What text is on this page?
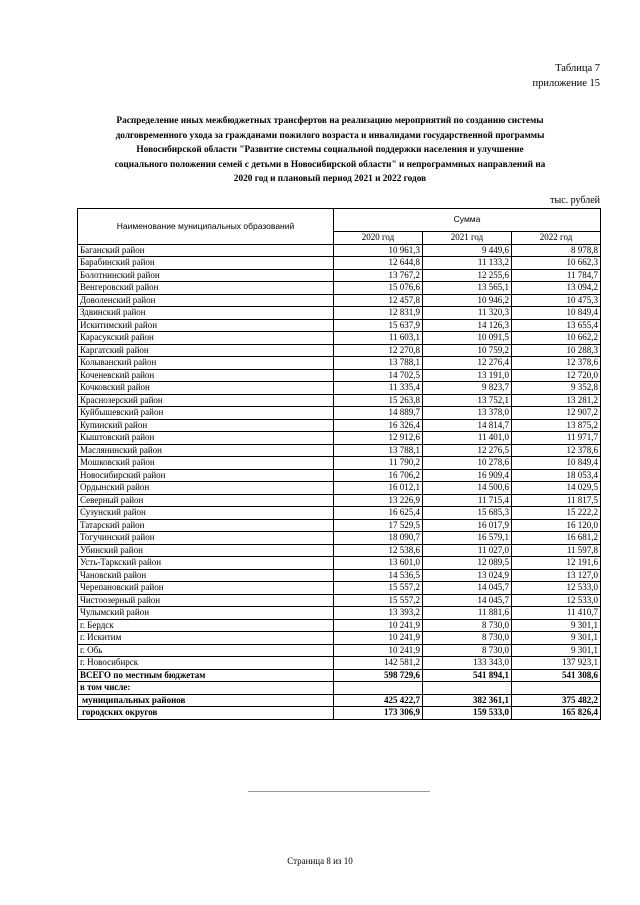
Таблица 7
приложение 15
Распределение иных межбюджетных трансфертов на реализацию мероприятий по созданию системы
долговременного ухода за гражданами пожилого возраста и инвалидами государственной программы
Новосибирской области "Развитие системы социальной поддержки населения и улучшение
социального положения семей с детьми в Новосибирской области" и непрограммных направлений на
2020 год и плановый период 2021 и 2022 годов
тыс. рублей
Наименование муниципальных образований	Сумма		
	2020 год	2021 год	2022 год
Баганский район	10 961,3	9 449,6	8 978,8
Барабинский район	12 644,8	11 133,2	10 662,3
Болотнинский район	13 767,2	12 255,6	11 784,7
Венгеровский район	15 076,6	13 565,1	13 094,2
Доволенский район	12 457,8	10 946,2	10 475,3
Здвинский район	12 831,9	11 320,3	10 849,4
Искитимский район	15 637,9	14 126,3	13 655,4
Карасукский район	11 603,1	10 091,5	10 662,2
Каргатский район	12 270,8	10 759,2	10 288,3
Колыванский район	13 788,1	12 276,4	12 378,6
Коченевский район	14 702,5	13 191,0	12 720,0
Кочковский район	11 335,4	9 823,7	9 352,8
Краснозерский район	15 263,8	13 752,1	13 281,2
Куйбышевский район	14 889,7	13 378,0	12 907,2
Купинский район	16 326,4	14 814,7	13 875,2
Кыштовский район	12 912,6	11 401,0	11 971,7
Маслянинский район	13 788,1	12 276,5	12 378,6
Мошковский район	11 790,2	10 278,6	10 849,4
Новосибирский район	16 706,2	16 909,4	18 053,4
Ордынский район	16 012,1	14 500,6	14 029,5
Северный район	13 226,9	11 715,4	11 817,5
Сузунский район	16 625,4	15 685,3	15 222,2
Татарский район	17 529,5	16 017,9	16 120,0
Тогучинский район	18 090,7	16 579,1	16 681,2
Убинский район	12 538,6	11 027,0	11 597,8
Усть-Таркский район	13 601,0	12 089,5	12 191,6
Чановский район	14 536,5	13 024,9	13 127,0
Черепановский район	15 557,2	14 045,7	12 533,0
Чистоозерный район	15 557,2	14 045,7	12 533,0
Чулымский район	13 393,2	11 881,6	11 410,7
г. Бердск	10 241,9	8 730,0	9 301,1
г. Искитим	10 241,9	8 730,0	9 301,1
г. Обь	10 241,9	8 730,0	9 301,1
г. Новосибирск	142 581,2	133 343,0	137 923,1
ВСЕГО по местным бюджетам	598 729,6	541 894,1	541 308,6
в том числе:			
муниципальных районов	425 422,7	382 361,1	375 482,2
городских округов	173 306,9	159 533,0	165 826,4
Страница 8 из 10
